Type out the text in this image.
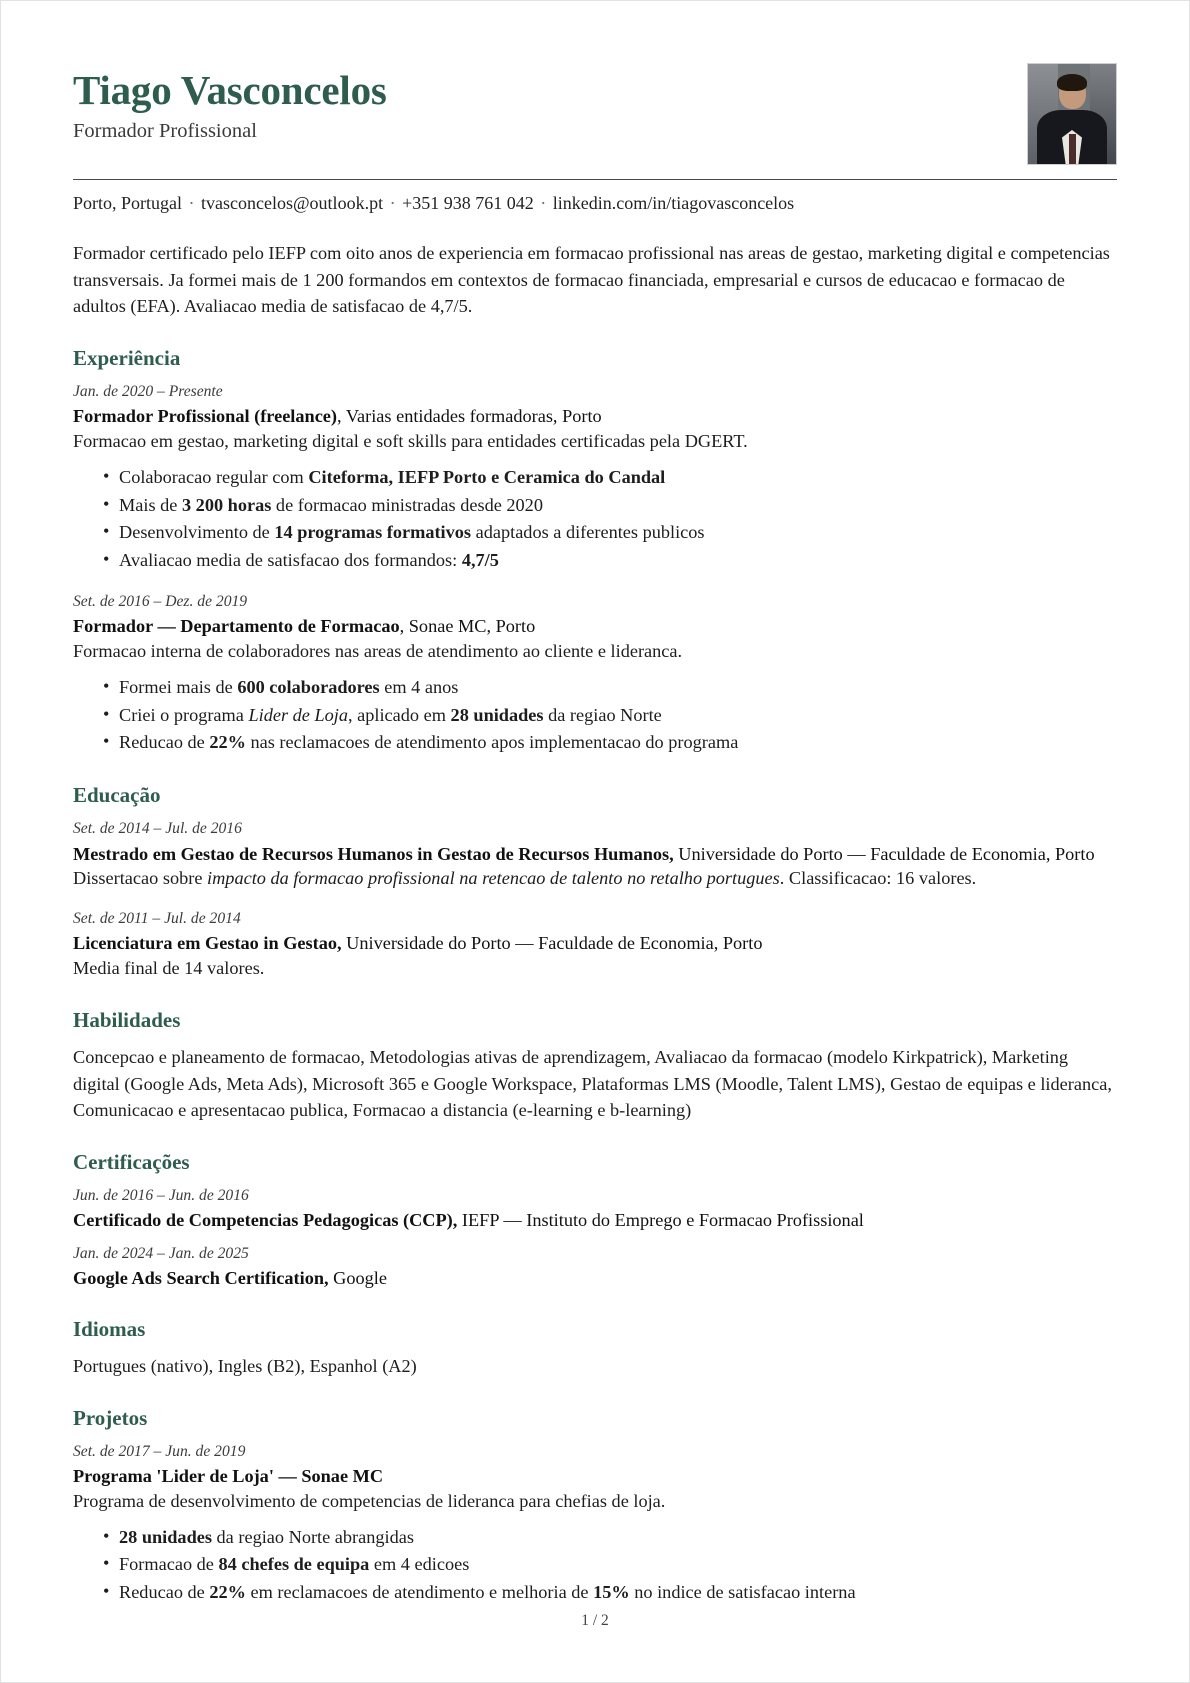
Tiago Vasconcelos
Formador Profissional
Porto, Portugal · tvasconcelos@outlook.pt · +351 938 761 042 · linkedin.com/in/tiagovasconcelos
Formador certificado pelo IEFP com oito anos de experiencia em formacao profissional nas areas de gestao, marketing digital e competencias transversais. Ja formei mais de 1 200 formandos em contextos de formacao financiada, empresarial e cursos de educacao e formacao de adultos (EFA). Avaliacao media de satisfacao de 4,7/5.
Experiência
Jan. de 2020 – Presente
Formador Profissional (freelance), Varias entidades formadoras, Porto
Formacao em gestao, marketing digital e soft skills para entidades certificadas pela DGERT.
• Colaboracao regular com Citeforma, IEFP Porto e Ceramica do Candal
• Mais de 3 200 horas de formacao ministradas desde 2020
• Desenvolvimento de 14 programas formativos adaptados a diferentes publicos
• Avaliacao media de satisfacao dos formandos: 4,7/5
Set. de 2016 – Dez. de 2019
Formador — Departamento de Formacao, Sonae MC, Porto
Formacao interna de colaboradores nas areas de atendimento ao cliente e lideranca.
• Formei mais de 600 colaboradores em 4 anos
• Criei o programa Lider de Loja, aplicado em 28 unidades da regiao Norte
• Reducao de 22% nas reclamacoes de atendimento apos implementacao do programa
Educação
Set. de 2014 – Jul. de 2016
Mestrado em Gestao de Recursos Humanos in Gestao de Recursos Humanos, Universidade do Porto — Faculdade de Economia, Porto
Dissertacao sobre impacto da formacao profissional na retencao de talento no retalho portugues. Classificacao: 16 valores.
Set. de 2011 – Jul. de 2014
Licenciatura em Gestao in Gestao, Universidade do Porto — Faculdade de Economia, Porto
Media final de 14 valores.
Habilidades
Concepcao e planeamento de formacao, Metodologias ativas de aprendizagem, Avaliacao da formacao (modelo Kirkpatrick), Marketing digital (Google Ads, Meta Ads), Microsoft 365 e Google Workspace, Plataformas LMS (Moodle, Talent LMS), Gestao de equipas e lideranca, Comunicacao e apresentacao publica, Formacao a distancia (e-learning e b-learning)
Certificações
Jun. de 2016 – Jun. de 2016
Certificado de Competencias Pedagogicas (CCP), IEFP — Instituto do Emprego e Formacao Profissional
Jan. de 2024 – Jan. de 2025
Google Ads Search Certification, Google
Idiomas
Portugues (nativo), Ingles (B2), Espanhol (A2)
Projetos
Set. de 2017 – Jun. de 2019
Programa 'Lider de Loja' — Sonae MC
Programa de desenvolvimento de competencias de lideranca para chefias de loja.
• 28 unidades da regiao Norte abrangidas
• Formacao de 84 chefes de equipa em 4 edicoes
• Reducao de 22% em reclamacoes de atendimento e melhoria de 15% no indice de satisfacao interna
1 / 2
